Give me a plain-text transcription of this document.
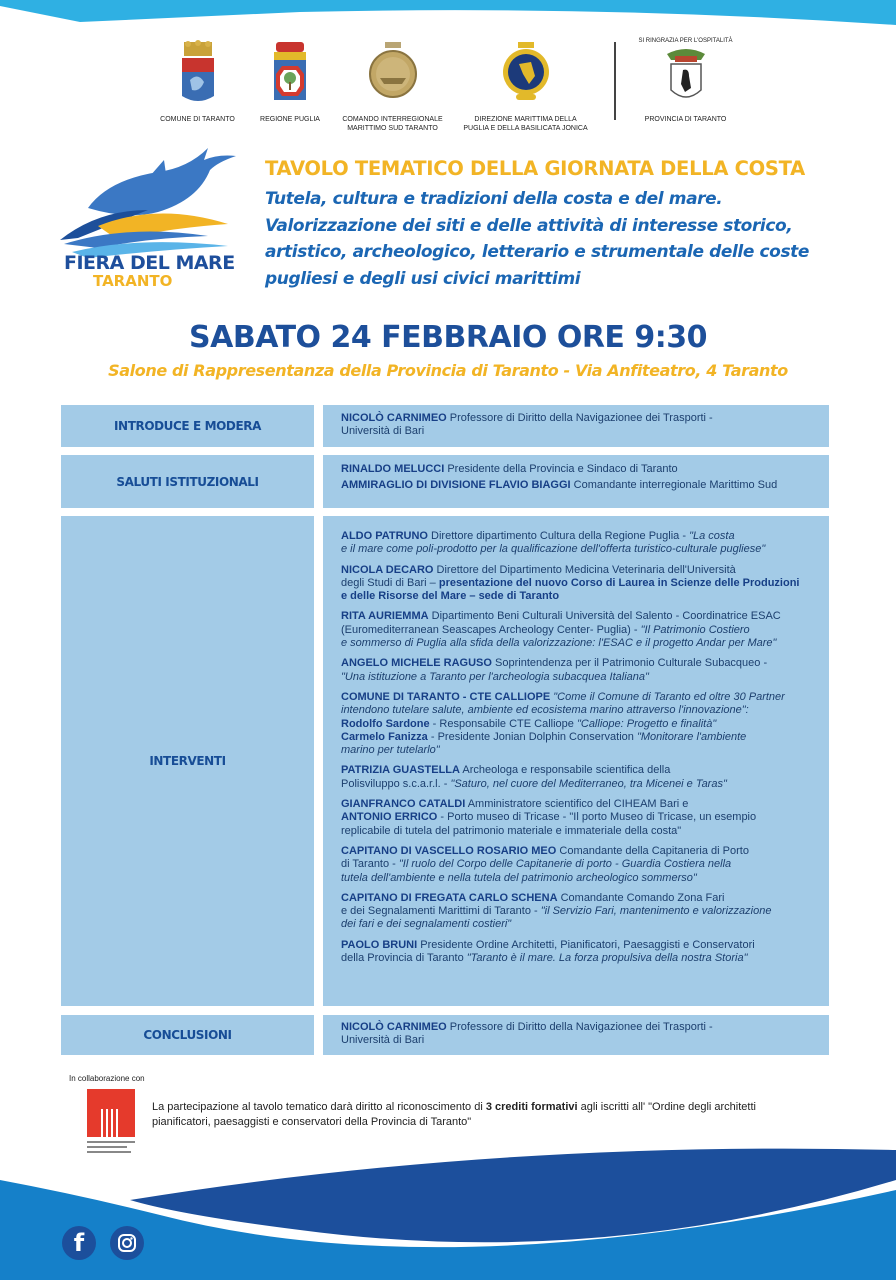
COMUNE DI TARANTO	REGIONE PUGLIA	COMANDO INTERREGIONALE
MARITTIMO SUD TARANTO
DIREZIONE MARITTIMA DELLA
PUGLIA E DELLA BASILICATA JONICA
SI RINGRAZIA PER L'OSPITALITÀ
PROVINCIA DI TARANTO
FIERA DEL MARE
TARANTO
TAVOLO TEMATICO DELLA GIORNATA DELLA COSTA
Tutela, cultura e tradizioni della costa e del mare.
Valorizzazione dei siti e delle attività di interesse storico,
artistico, archeologico, letterario e strumentale delle coste
pugliesi e degli usi civici marittimi
SABATO 24 FEBBRAIO ORE 9:30
Salone di Rappresentanza della Provincia di Taranto - Via Anfiteatro, 4 Taranto
INTRODUCE E MODERA
NICOLÒ CARNIMEO Professore di Diritto della Navigazionee dei Trasporti -
Università di Bari
SALUTI ISTITUZIONALI
RINALDO MELUCCI Presidente della Provincia e Sindaco di Taranto
AMMIRAGLIO DI DIVISIONE FLAVIO BIAGGI Comandante interregionale Marittimo Sud
INTERVENTI
ALDO PATRUNO Direttore dipartimento Cultura della Regione Puglia - "La costa
e il mare come poli-prodotto per la qualificazione dell'offerta turistico-culturale pugliese"
NICOLA DECARO Direttore del Dipartimento Medicina Veterinaria dell'Università
degli Studi di Bari – presentazione del nuovo Corso di Laurea in Scienze delle Produzioni
e delle Risorse del Mare – sede di Taranto
RITA AURIEMMA Dipartimento Beni Culturali Università del Salento - Coordinatrice ESAC
(Euromediterranean Seascapes Archeology Center- Puglia) - "Il Patrimonio Costiero
e sommerso di Puglia alla sfida della valorizzazione: l'ESAC e il progetto Andar per Mare"
ANGELO MICHELE RAGUSO Soprintendenza per il Patrimonio Culturale Subacqueo -
"Una istituzione a Taranto per l'archeologia subacquea Italiana"
COMUNE DI TARANTO - CTE CALLIOPE "Come il Comune di Taranto ed oltre 30 Partner
intendono tutelare salute, ambiente ed ecosistema marino attraverso l'innovazione":
Rodolfo Sardone - Responsabile CTE Calliope "Calliope: Progetto e finalità"
Carmelo Fanizza - Presidente Jonian Dolphin Conservation "Monitorare l'ambiente
marino per tutelarlo"
PATRIZIA GUASTELLA Archeologa e responsabile scientifica della
Polisviluppo s.c.a.r.l. - "Saturo, nel cuore del Mediterraneo, tra Micenei e Taras"
GIANFRANCO CATALDI Amministratore scientifico del CIHEAM Bari e
ANTONIO ERRICO - Porto museo di Tricase - "Il porto Museo di Tricase, un esempio
replicabile di tutela del patrimonio materiale e immateriale della costa"
CAPITANO DI VASCELLO ROSARIO MEO Comandante della Capitaneria di Porto
di Taranto - "Il ruolo del Corpo delle Capitanerie di porto - Guardia Costiera nella
tutela dell'ambiente e nella tutela del patrimonio archeologico sommerso"
CAPITANO DI FREGATA CARLO SCHENA Comandante Comando Zona Fari
e dei Segnalamenti Marittimi di Taranto - "il Servizio Fari, mantenimento e valorizzazione
dei fari e dei segnalamenti costieri"
PAOLO BRUNI Presidente Ordine Architetti, Pianificatori, Paesaggisti e Conservatori
della Provincia di Taranto "Taranto è il mare. La forza propulsiva della nostra Storia"
CONCLUSIONI
NICOLÒ CARNIMEO Professore di Diritto della Navigazionee dei Trasporti -
Università di Bari
In collaborazione con
La partecipazione al tavolo tematico darà diritto al riconoscimento di 3 crediti formativi agli iscritti all' "Ordine degli architetti
pianificatori, paesaggisti e conservatori della Provincia di Taranto"
f
